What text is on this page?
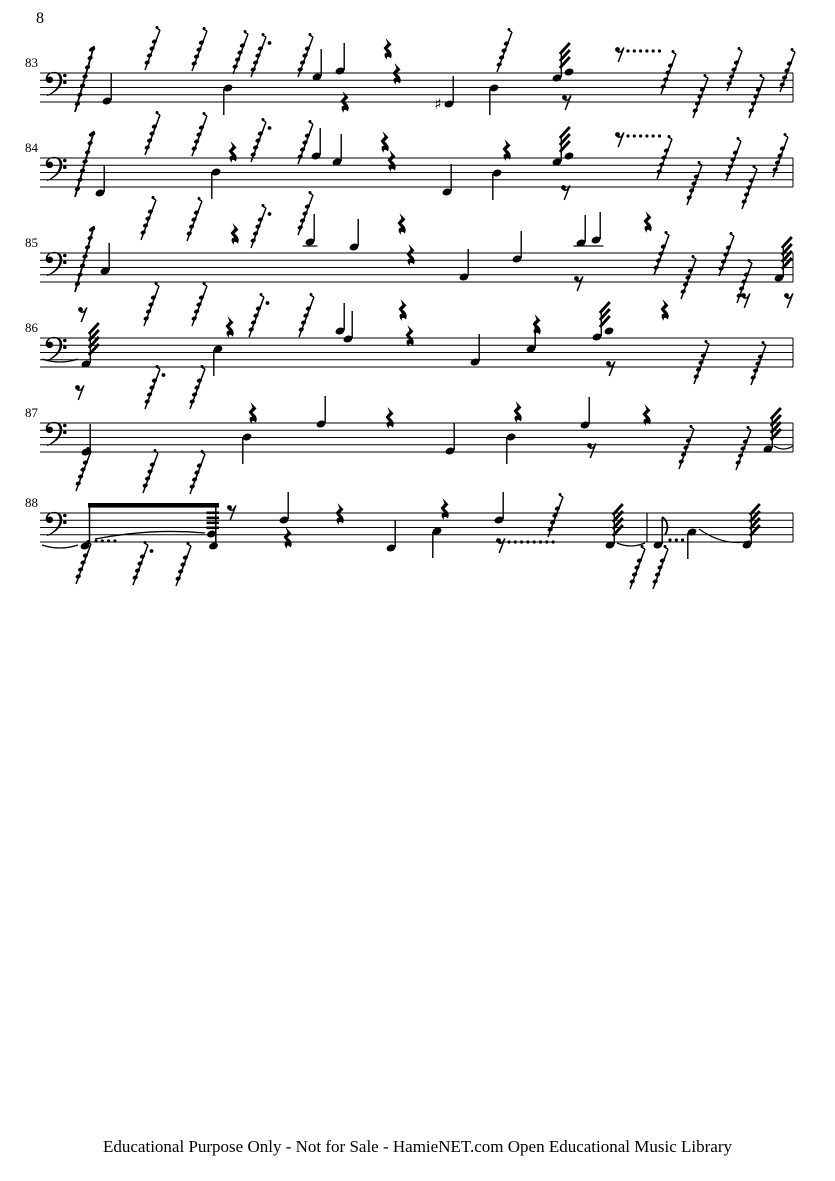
8
83
♯
84
85
86
87
88
Educational Purpose Only - Not for Sale - HamieNET.com Open Educational Music Library
